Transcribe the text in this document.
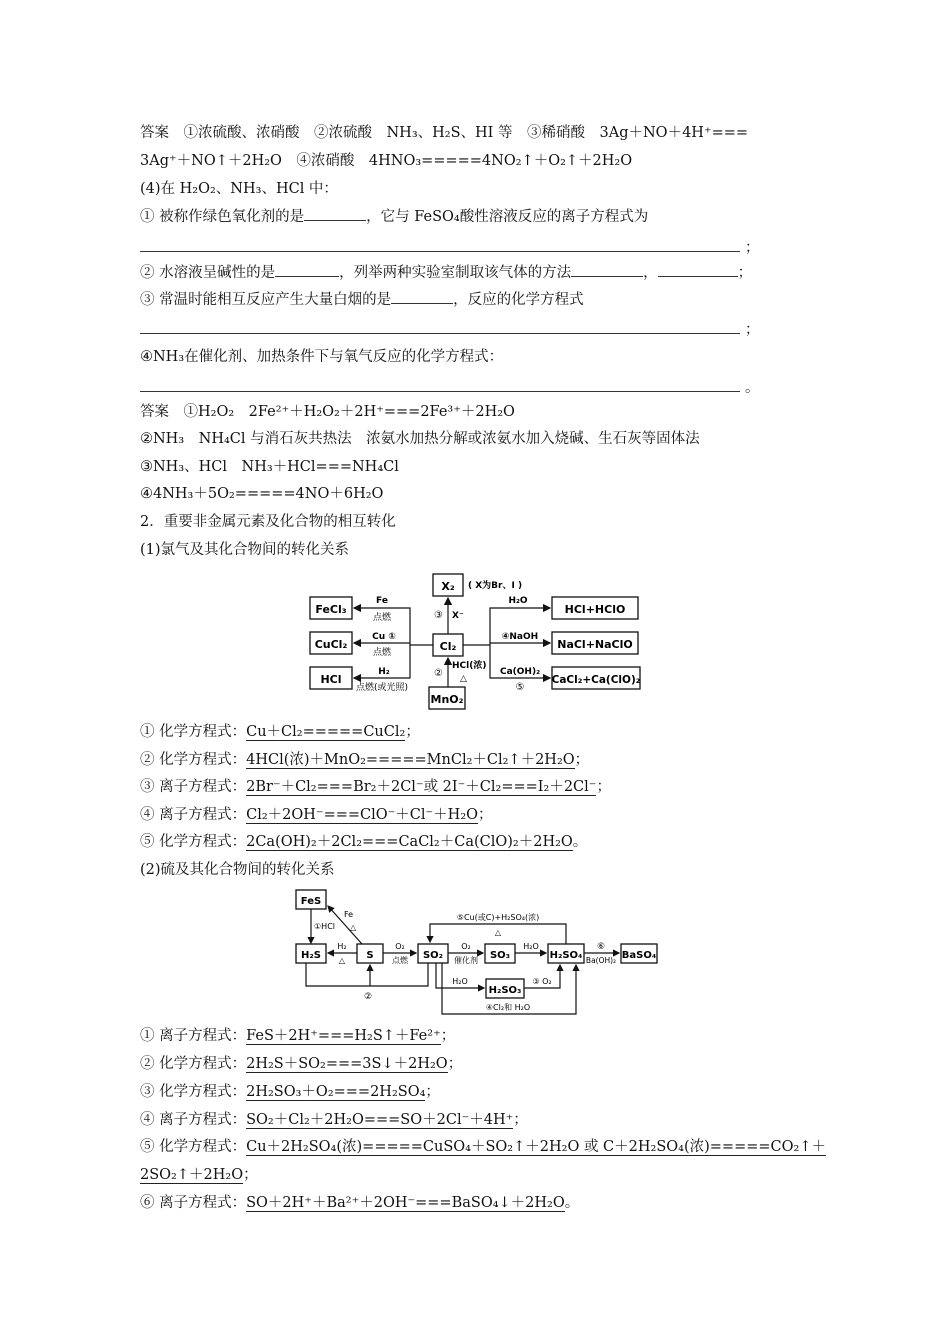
答案　①浓硫酸、浓硝酸　②浓硫酸　NH₃、H₂S、HI 等　③稀硝酸　3Ag＋NO＋4H⁺===
3Ag⁺＋NO↑＋2H₂O　④浓硝酸　4HNO₃=====4NO₂↑＋O₂↑＋2H₂O
(4)在 H₂O₂、NH₃、HCl 中：
① 被称作绿色氧化剂的是	，它与 FeSO₄酸性溶液反应的离子方程式为
；
② 水溶液呈碱性的是	，列举两种实验室制取该气体的方法	，	；
③ 常温时能相互反应产生大量白烟的是	，反应的化学方程式
；
④NH₃在催化剂、加热条件下与氧气反应的化学方程式：
。
答案　①H₂O₂　2Fe²⁺＋H₂O₂＋2H⁺===2Fe³⁺＋2H₂O
②NH₃　NH₄Cl 与消石灰共热法　浓氨水加热分解或浓氨水加入烧碱、生石灰等固体法
③NH₃、HCl　NH₃＋HCl===NH₄Cl
④4NH₃＋5O₂=====4NO＋6H₂O
2．重要非金属元素及化合物的相互转化
(1)氯气及其化合物间的转化关系
X₂ ( X为Br、I )
FeCl₃
CuCl₂
HCl
Cl₂
MnO₂
HCl+HClO
NaCl+NaClO
CaCl₂+Ca(ClO)₂
③ X⁻
Fe
点燃
Cu ①
点燃
H₂
点燃(或光照)
②
HCl(浓)
△
H₂O
④NaOH
Ca(OH)₂
⑤
① 化学方程式：Cu＋Cl₂=====CuCl₂；
② 化学方程式：4HCl(浓)＋MnO₂=====MnCl₂＋Cl₂↑＋2H₂O；
③ 离子方程式：2Br⁻＋Cl₂===Br₂＋2Cl⁻或 2I⁻＋Cl₂===I₂＋2Cl⁻；
④ 离子方程式：Cl₂＋2OH⁻===ClO⁻＋Cl⁻＋H₂O；
⑤ 化学方程式：2Ca(OH)₂＋2Cl₂===CaCl₂＋Ca(ClO)₂＋2H₂O。
(2)硫及其化合物间的转化关系
FeS
H₂S	S	SO₂	SO₃	H₂SO₄	BaSO₄
H₂SO₃
①HCl
Fe
△
H₂
△
O₂
点燃
O₂
催化剂
H₂O	⑥
Ba(OH)₂
⑤Cu(或C)+H₂SO₄(浓)
△
H₂O	③ O₂
④Cl₂和 H₂O
②
① 离子方程式：FeS＋2H⁺===H₂S↑＋Fe²⁺；
② 化学方程式：2H₂S＋SO₂===3S↓＋2H₂O；
③ 化学方程式：2H₂SO₃＋O₂===2H₂SO₄；
④ 离子方程式：SO₂＋Cl₂＋2H₂O===SO＋2Cl⁻＋4H⁺；
⑤ 化学方程式：Cu＋2H₂SO₄(浓)=====CuSO₄＋SO₂↑＋2H₂O 或 C＋2H₂SO₄(浓)=====CO₂↑＋
2SO₂↑＋2H₂O；
⑥ 离子方程式：SO＋2H⁺＋Ba²⁺＋2OH⁻===BaSO₄↓＋2H₂O。
